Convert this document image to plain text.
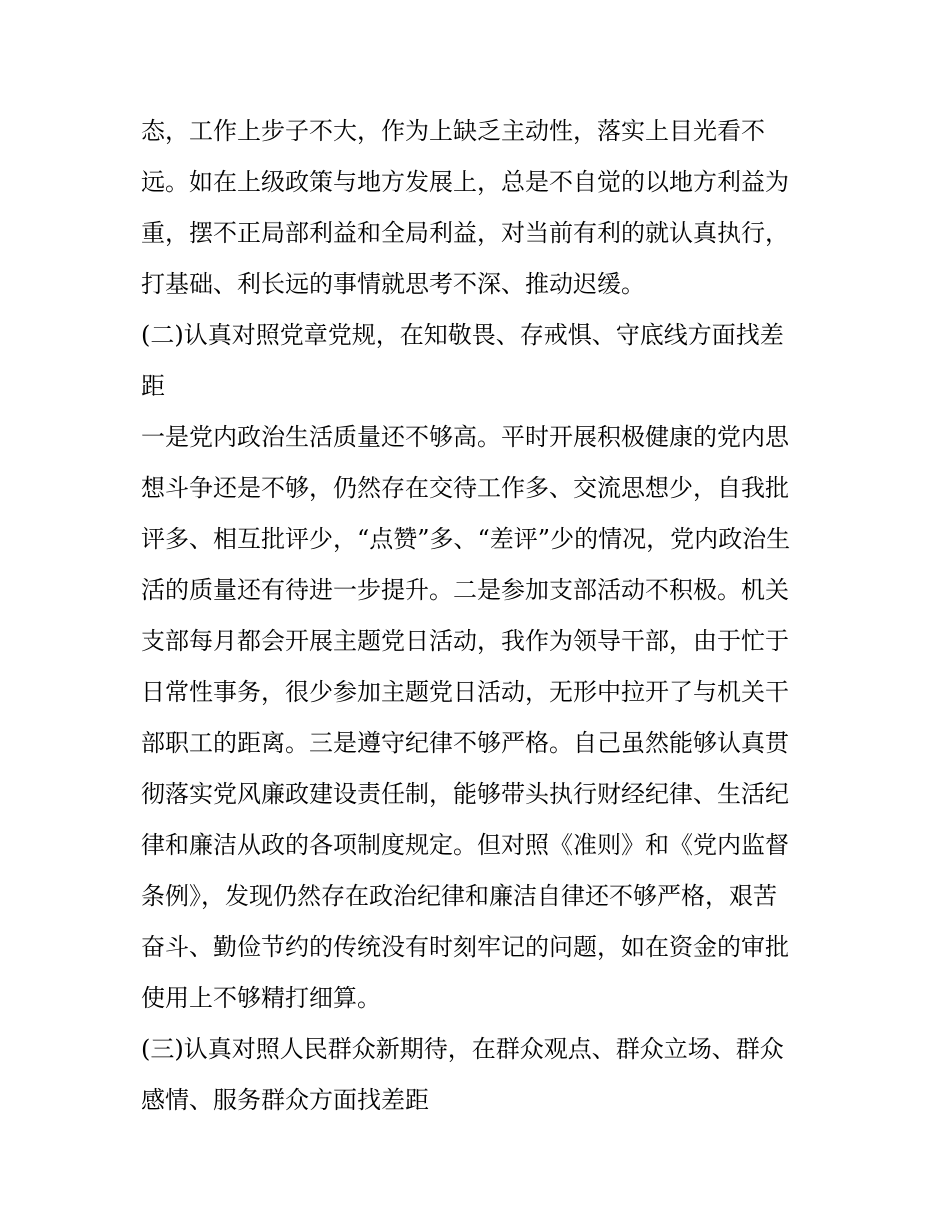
态，工作上步子不大，作为上缺乏主动性，落实上目光看不
远。如在上级政策与地方发展上，总是不自觉的以地方利益为
重，摆不正局部利益和全局利益，对当前有利的就认真执行，
打基础、利长远的事情就思考不深、推动迟缓。
(二)认真对照党章党规，在知敬畏、存戒惧、守底线方面找差
距
一是党内政治生活质量还不够高。平时开展积极健康的党内思
想斗争还是不够，仍然存在交待工作多、交流思想少，自我批
评多、相互批评少，“点赞”多、“差评”少的情况，党内政治生
活的质量还有待进一步提升。二是参加支部活动不积极。机关
支部每月都会开展主题党日活动，我作为领导干部，由于忙于
日常性事务，很少参加主题党日活动，无形中拉开了与机关干
部职工的距离。三是遵守纪律不够严格。自己虽然能够认真贯
彻落实党风廉政建设责任制，能够带头执行财经纪律、生活纪
律和廉洁从政的各项制度规定。但对照《准则》和《党内监督
条例》，发现仍然存在政治纪律和廉洁自律还不够严格，艰苦
奋斗、勤俭节约的传统没有时刻牢记的问题，如在资金的审批
使用上不够精打细算。
(三)认真对照人民群众新期待，在群众观点、群众立场、群众
感情、服务群众方面找差距
